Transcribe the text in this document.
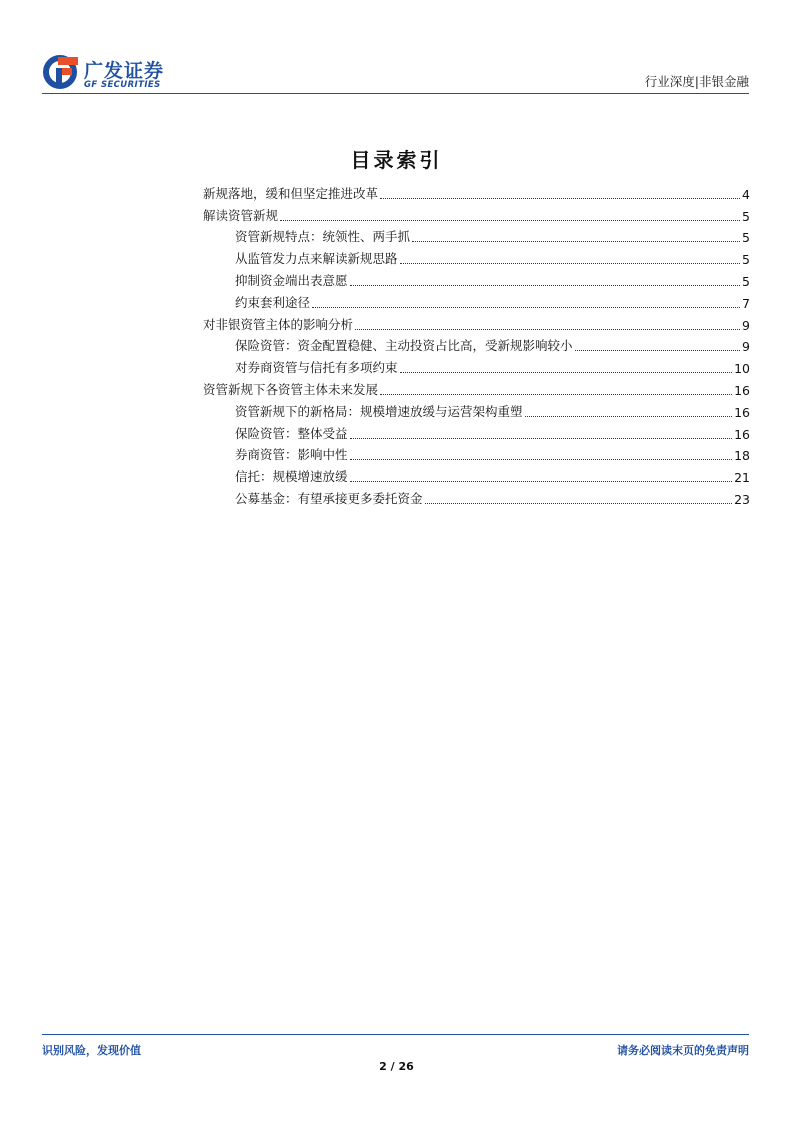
广发证券
GF SECURITIES	行业深度|非银金融
目录索引
新规落地，缓和但坚定推进改革	4
解读资管新规	5
资管新规特点：统领性、两手抓	5
从监管发力点来解读新规思路	5
抑制资金端出表意愿	5
约束套利途径	7
对非银资管主体的影响分析	9
保险资管：资金配置稳健、主动投资占比高，受新规影响较小	9
对券商资管与信托有多项约束	10
资管新规下各资管主体未来发展	16
资管新规下的新格局：规模增速放缓与运营架构重塑	16
保险资管：整体受益	16
券商资管：影响中性	18
信托：规模增速放缓	21
公募基金：有望承接更多委托资金	23
识别风险，发现价值	请务必阅读末页的免责声明
2 / 26
